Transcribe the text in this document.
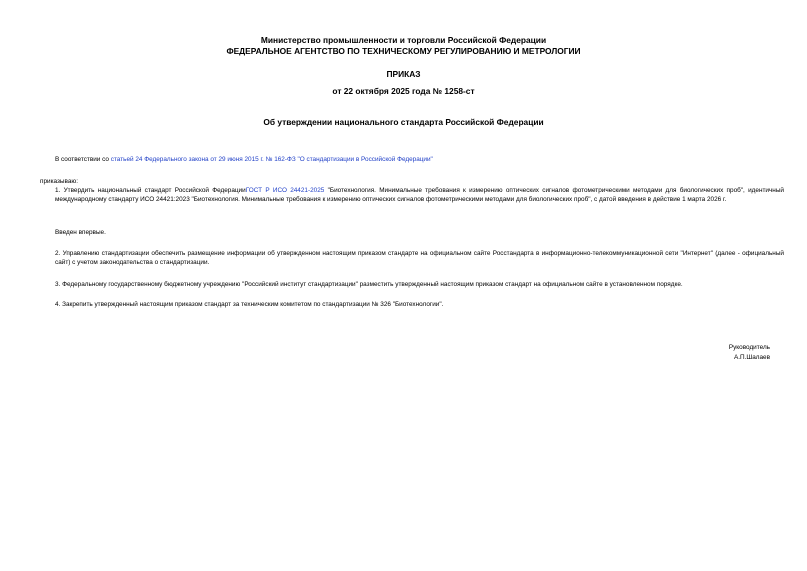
Министерство промышленности и торговли Российской Федерации
ФЕДЕРАЛЬНОЕ АГЕНТСТВО ПО ТЕХНИЧЕСКОМУ РЕГУЛИРОВАНИЮ И МЕТРОЛОГИИ
ПРИКАЗ
от 22 октября 2025 года № 1258-ст
Об утверждении национального стандарта Российской Федерации
В соответствии со статьей 24 Федерального закона от 29 июня 2015 г. № 162-ФЗ "О стандартизации в Российской Федерации"
приказываю:
1. Утвердить национальный стандарт Российской ФедерацииГОСТ Р ИСО 24421-2025 "Биотехнология. Минимальные требования к измерению оптических сигналов фотометрическими методами для биологических проб", идентичный международному стандарту ИСО 24421:2023 "Биотехнология. Минимальные требования к измерению оптических сигналов фотометрическими методами для биологических проб", с датой введения в действие 1 марта 2026 г.
Введен впервые.
2. Управлению стандартизации обеспечить размещение информации об утвержденном настоящим приказом стандарте на официальном сайте Росстандарта в информационно-телекоммуникационной сети "Интернет" (далее - официальный сайт) с учетом законодательства о стандартизации.
3. Федеральному государственному бюджетному учреждению "Российский институт стандартизации" разместить утвержденный настоящим приказом стандарт на официальном сайте в установленном порядке.
4. Закрепить утвержденный настоящим приказом стандарт за техническим комитетом по стандартизации № 326 "Биотехнологии".
Руководитель
А.П.Шалаев
